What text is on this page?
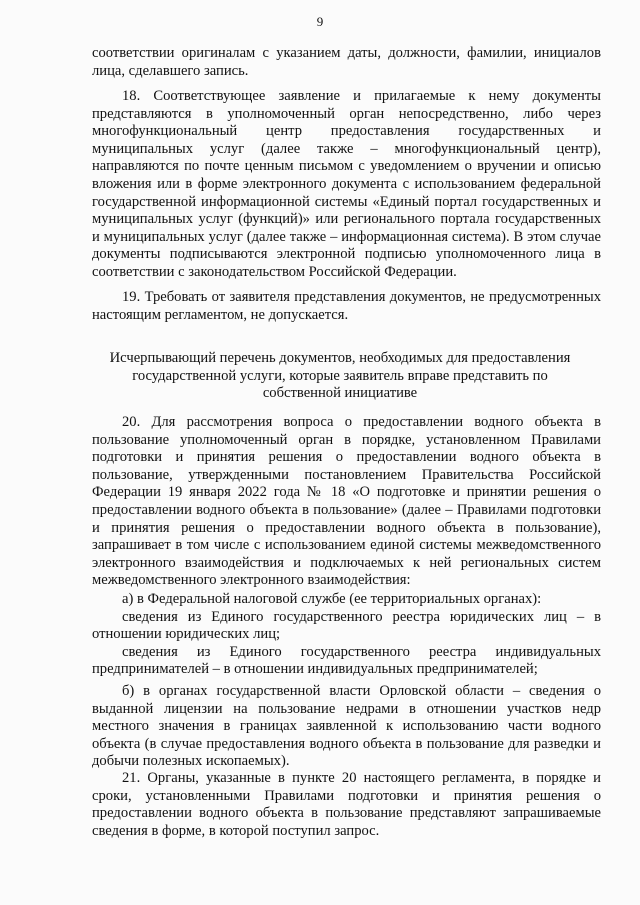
9

соответствии оригиналам с указанием даты, должности, фамилии, инициалов лица, сделавшего запись.

18. Соответствующее заявление и прилагаемые к нему документы представляются в уполномоченный орган непосредственно, либо через многофункциональный центр предоставления государственных и муниципальных услуг (далее также – многофункциональный центр), направляются по почте ценным письмом с уведомлением о вручении и описью вложения или в форме электронного документа с использованием федеральной государственной информационной системы «Единый портал государственных и муниципальных услуг (функций)» или регионального портала государственных и муниципальных услуг (далее также – информационная система). В этом случае документы подписываются электронной подписью уполномоченного лица в соответствии с законодательством Российской Федерации.

19. Требовать от заявителя представления документов, не предусмотренных настоящим регламентом, не допускается.

Исчерпывающий перечень документов, необходимых для предоставления государственной услуги, которые заявитель вправе представить по собственной инициативе

20. Для рассмотрения вопроса о предоставлении водного объекта в пользование уполномоченный орган в порядке, установленном Правилами подготовки и принятия решения о предоставлении водного объекта в пользование, утвержденными постановлением Правительства Российской Федерации 19 января 2022 года № 18 «О подготовке и принятии решения о предоставлении водного объекта в пользование» (далее – Правилами подготовки и принятия решения о предоставлении водного объекта в пользование), запрашивает в том числе с использованием единой системы межведомственного электронного взаимодействия и подключаемых к ней региональных систем межведомственного электронного взаимодействия:

а) в Федеральной налоговой службе (ее территориальных органах):

сведения из Единого государственного реестра юридических лиц – в отношении юридических лиц;

сведения из Единого государственного реестра индивидуальных предпринимателей – в отношении индивидуальных предпринимателей;

б) в органах государственной власти Орловской области – сведения о выданной лицензии на пользование недрами в отношении участков недр местного значения в границах заявленной к использованию части водного объекта (в случае предоставления водного объекта в пользование для разведки и добычи полезных ископаемых).

21. Органы, указанные в пункте 20 настоящего регламента, в порядке и сроки, установленными Правилами подготовки и принятия решения о предоставлении водного объекта в пользование представляют запрашиваемые сведения в форме, в которой поступил запрос.
